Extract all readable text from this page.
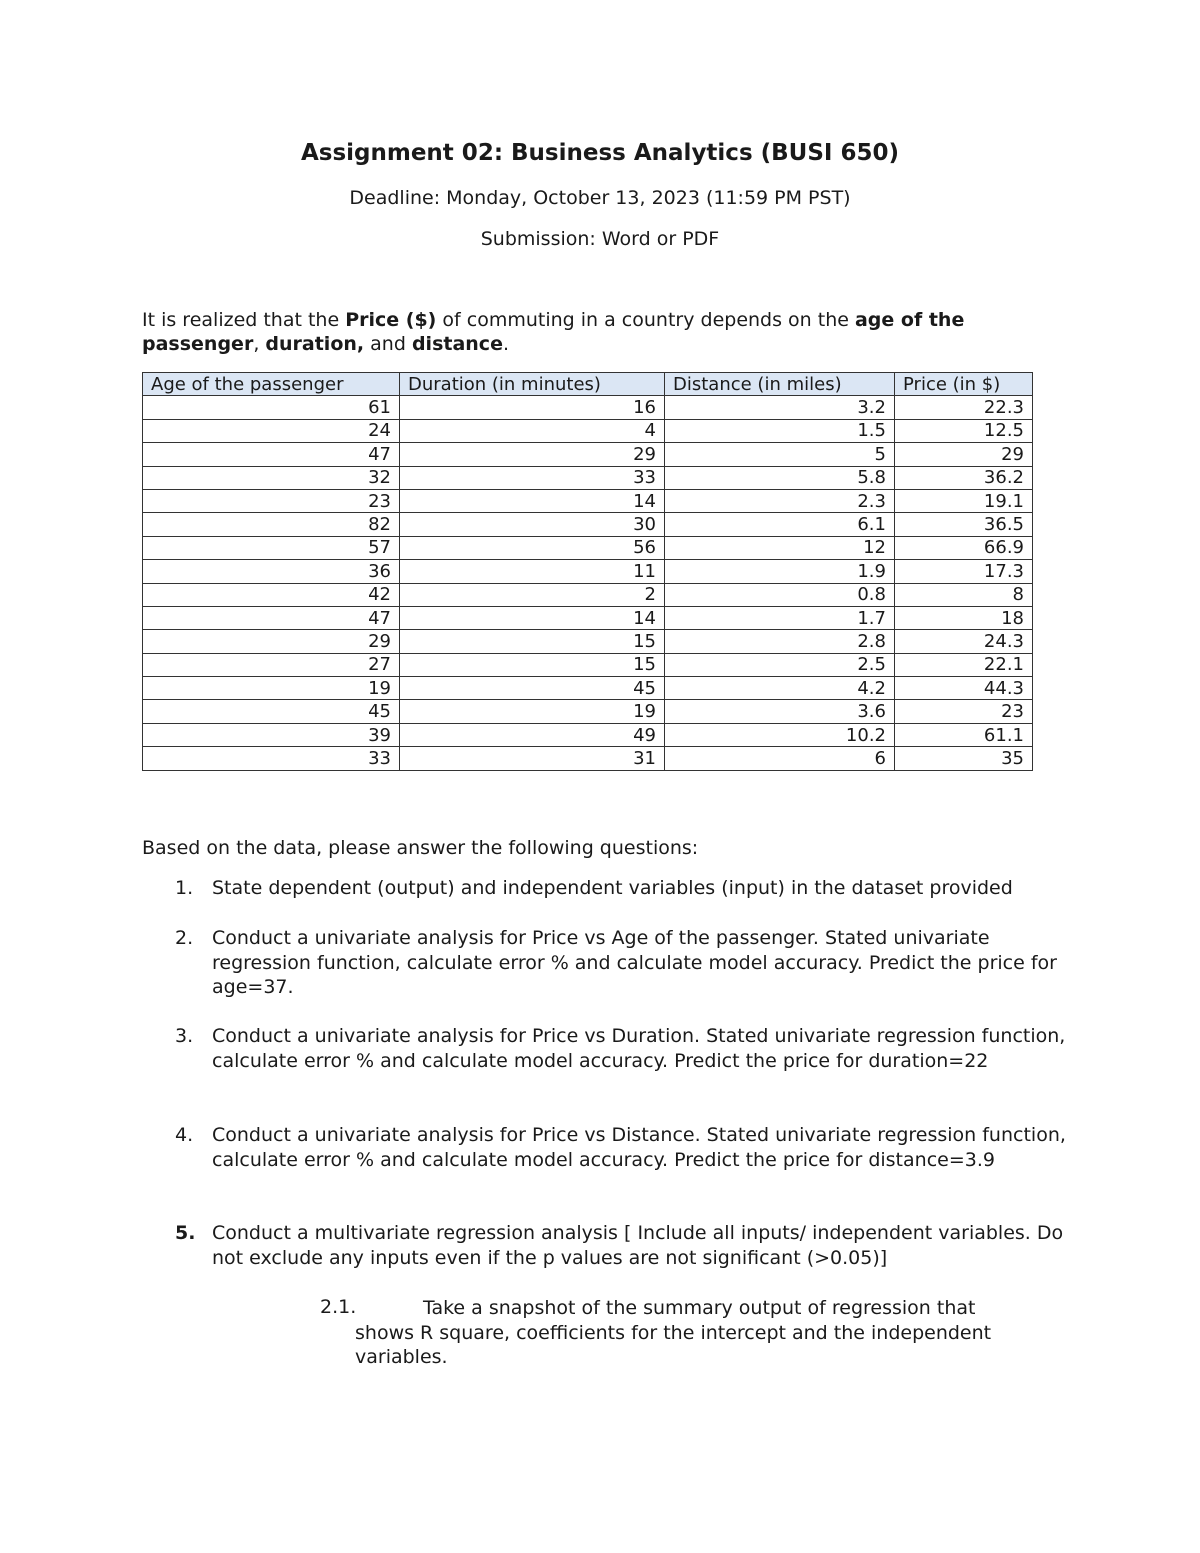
Assignment 02: Business Analytics (BUSI 650)
Deadline: Monday, October 13, 2023 (11:59 PM PST)
Submission: Word or PDF
It is realized that the Price ($) of commuting in a country depends on the age of the passenger, duration, and distance.
Age of the passenger	Duration (in minutes)	Distance (in miles)	Price (in $)
61	16	3.2	22.3
24	4	1.5	12.5
47	29	5	29
32	33	5.8	36.2
23	14	2.3	19.1
82	30	6.1	36.5
57	56	12	66.9
36	11	1.9	17.3
42	2	0.8	8
47	14	1.7	18
29	15	2.8	24.3
27	15	2.5	22.1
19	45	4.2	44.3
45	19	3.6	23
39	49	10.2	61.1
33	31	6	35
Based on the data, please answer the following questions:
1. State dependent (output) and independent variables (input) in the dataset provided
2. Conduct a univariate analysis for Price vs Age of the passenger. Stated univariate regression function, calculate error % and calculate model accuracy. Predict the price for age=37.
3. Conduct a univariate analysis for Price vs Duration. Stated univariate regression function, calculate error % and calculate model accuracy. Predict the price for duration=22
4. Conduct a univariate analysis for Price vs Distance. Stated univariate regression function, calculate error % and calculate model accuracy. Predict the price for distance=3.9
5. Conduct a multivariate regression analysis [ Include all inputs/ independent variables. Do not exclude any inputs even if the p values are not significant (>0.05)]
2.1.	Take a snapshot of the summary output of regression that shows R square, coefficients for the intercept and the independent variables.
